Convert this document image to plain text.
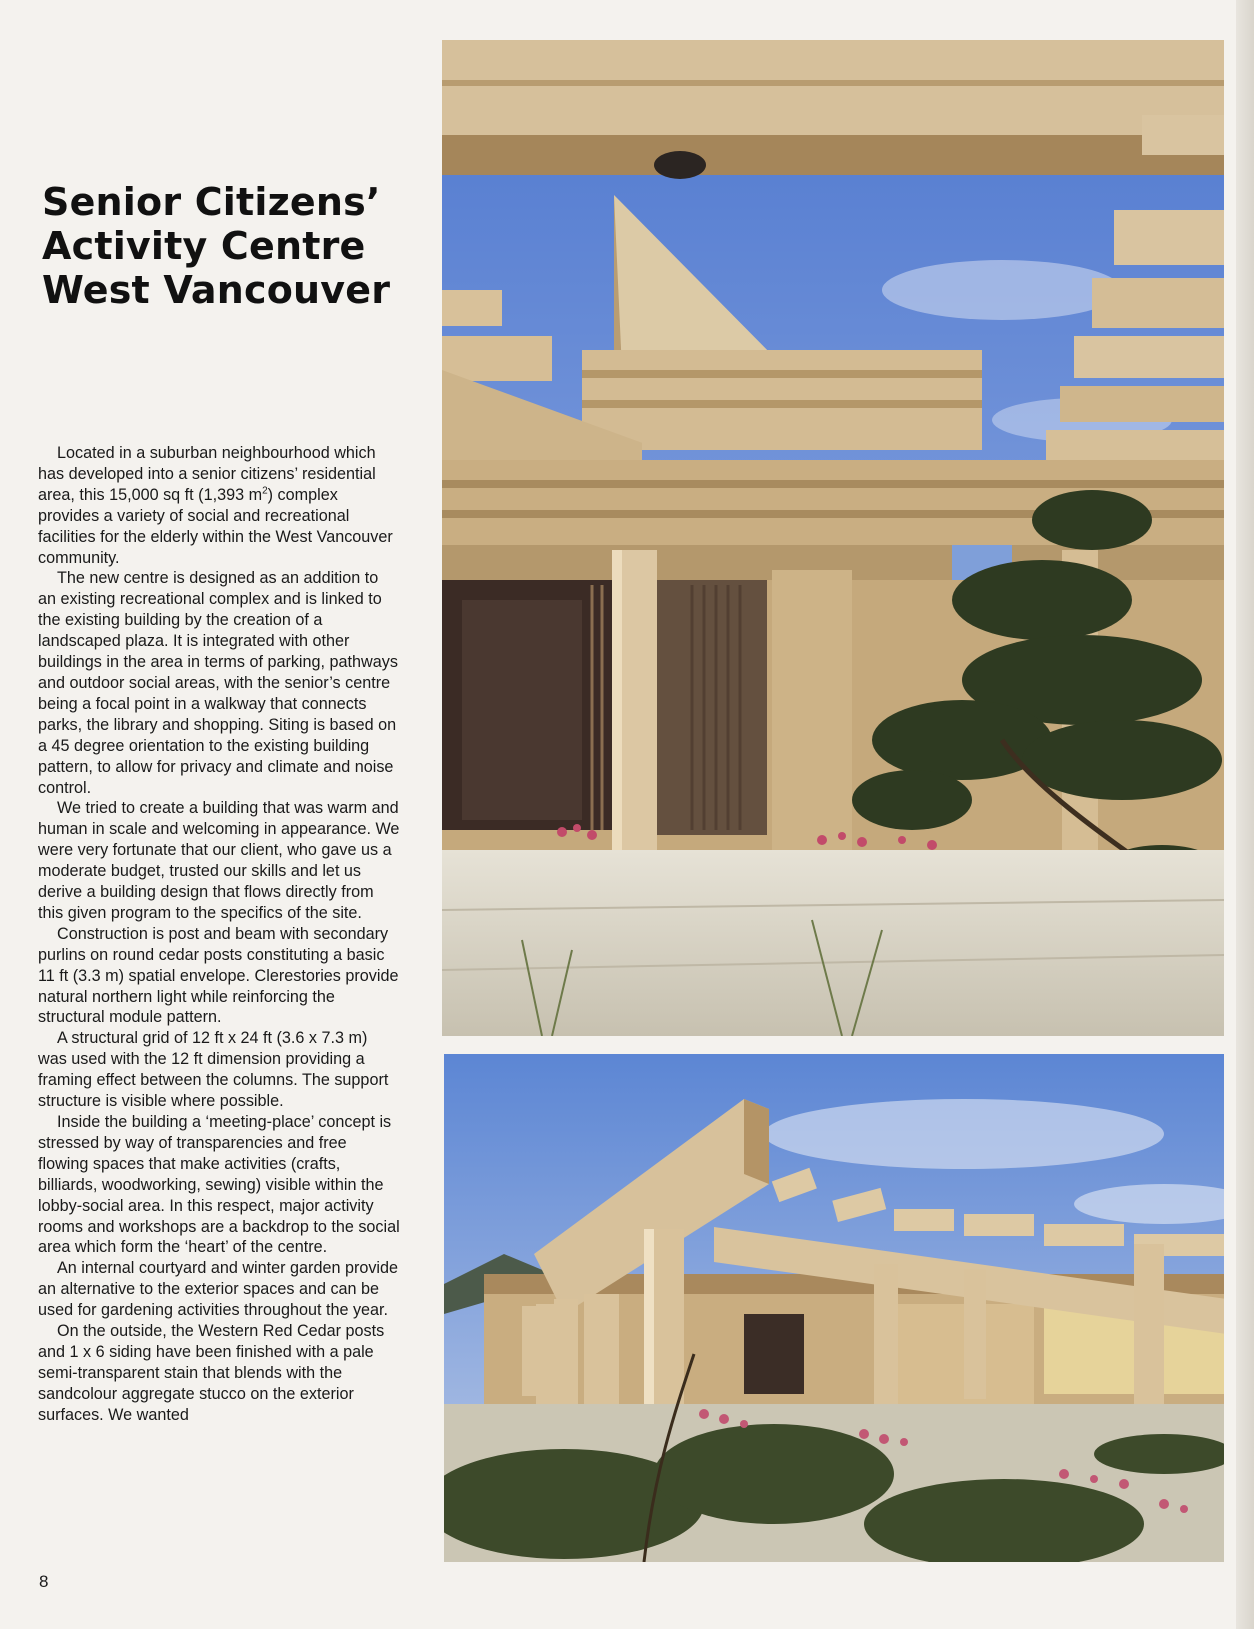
Senior Citizens’
Activity Centre
West Vancouver

Located in a suburban neighbourhood which has developed into a senior citizens’ residential area, this 15,000 sq ft (1,393 $m^2$) complex provides a variety of social and recreational facilities for the elderly within the West Vancouver community.

The new centre is designed as an addition to an existing recreational complex and is linked to the existing building by the creation of a landscaped plaza. It is integrated with other buildings in the area in terms of parking, pathways and outdoor social areas, with the senior’s centre being a focal point in a walkway that connects parks, the library and shopping. Siting is based on a 45 degree orientation to the existing building pattern, to allow for privacy and climate and noise control.

We tried to create a building that was warm and human in scale and welcoming in appearance. We were very fortunate that our client, who gave us a moderate budget, trusted our skills and let us derive a building design that flows directly from this given program to the specifics of the site.

Construction is post and beam with secondary purlins on round cedar posts constituting a basic 11 ft (3.3 m) spatial envelope. Clerestories provide natural northern light while reinforcing the structural module pattern.

A structural grid of 12 ft x 24 ft (3.6 x 7.3 m) was used with the 12 ft dimension providing a framing effect between the columns. The support structure is visible where possible.

Inside the building a ‘meeting-place’ concept is stressed by way of transparencies and free flowing spaces that make activities (crafts, billiards, woodworking, sewing) visible within the lobby-social area. In this respect, major activity rooms and workshops are a backdrop to the social area which form the ‘heart’ of the centre.

An internal courtyard and winter garden provide an alternative to the exterior spaces and can be used for gardening activities throughout the year.

On the outside, the Western Red Cedar posts and 1 x 6 siding have been finished with a pale semi-transparent stain that blends with the sandcolour aggregate stucco on the exterior surfaces. We wanted

8
